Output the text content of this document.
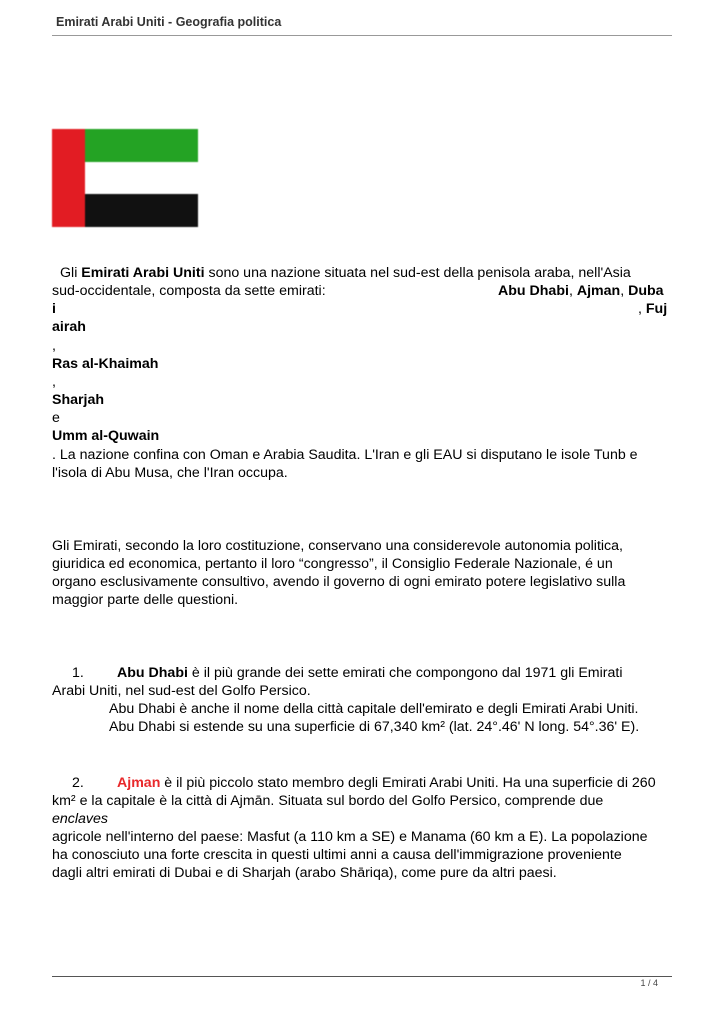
Emirati Arabi Uniti - Geografia politica
Gli Emirati Arabi Uniti sono una nazione situata nel sud-est della penisola araba, nell'Asia
sud-occidentale, composta da sette emirati:	Abu Dhabi, Ajman, Duba
i	, Fuj
airah
,
Ras al-Khaimah
,
Sharjah
e
Umm al-Quwain
. La nazione confina con Oman e Arabia Saudita. L'Iran e gli EAU si disputano le isole Tunb e
l'isola di Abu Musa, che l'Iran occupa.
Gli Emirati, secondo la loro costituzione, conservano una considerevole autonomia politica,
giuridica ed economica, pertanto il loro “congresso”, il Consiglio Federale Nazionale, é un
organo esclusivamente consultivo, avendo il governo di ogni emirato potere legislativo sulla
maggior parte delle questioni.
1. Abu Dhabi è il più grande dei sette emirati che compongono dal 1971 gli Emirati
Arabi Uniti, nel sud-est del Golfo Persico.
Abu Dhabi è anche il nome della città capitale dell'emirato e degli Emirati Arabi Uniti.
Abu Dhabi si estende su una superficie di 67,340 km² (lat. 24°.46' N long. 54°.36' E).
2. Ajman è il più piccolo stato membro degli Emirati Arabi Uniti. Ha una superficie di 260
km² e la capitale è la città di Ajmān. Situata sul bordo del Golfo Persico, comprende due
enclaves
agricole nell'interno del paese: Masfut (a 110 km a SE) e Manama (60 km a E). La popolazione
ha conosciuto una forte crescita in questi ultimi anni a causa dell'immigrazione proveniente
dagli altri emirati di Dubai e di Sharjah (arabo Shāriqa), come pure da altri paesi.
1 / 4
